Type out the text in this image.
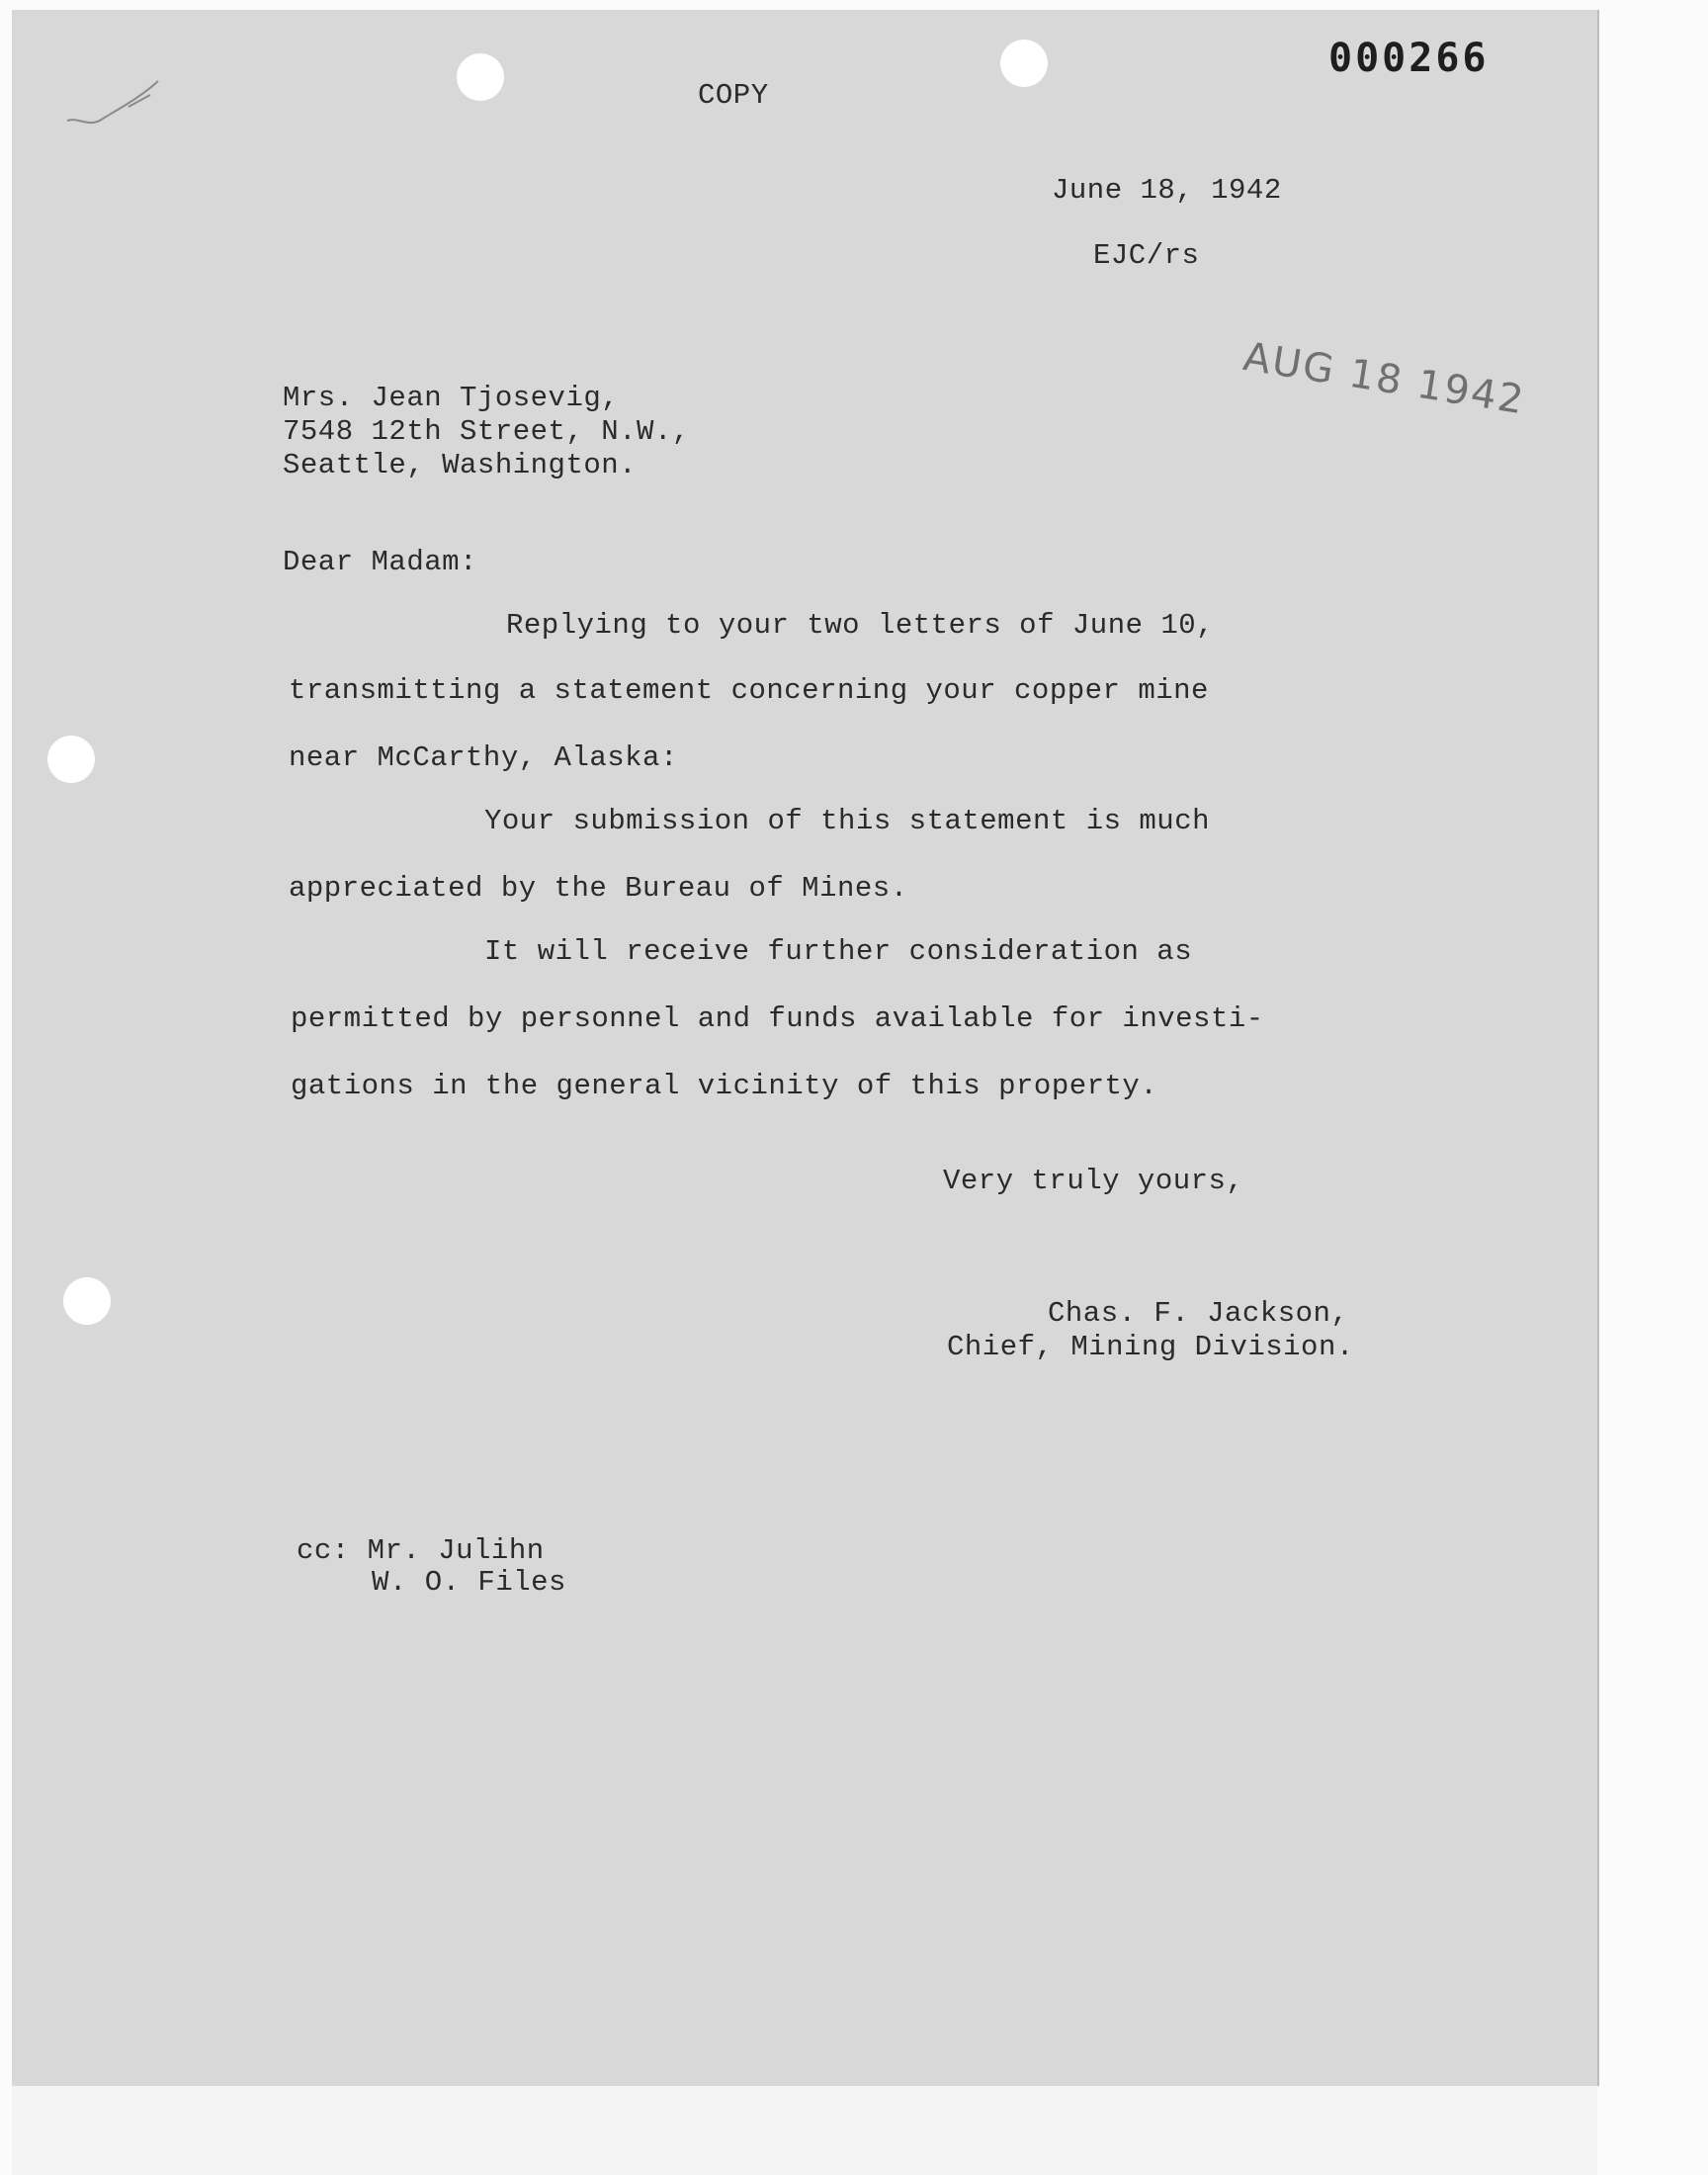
000266
AUG 18 1942
COPY
June 18, 1942
EJC/rs
Mrs. Jean Tjosevig,
7548 12th Street, N.W.,
Seattle, Washington.
Dear Madam:
Replying to your two letters of June 10,
transmitting a statement concerning your copper mine
near McCarthy, Alaska:
Your submission of this statement is much
appreciated by the Bureau of Mines.
It will receive further consideration as
permitted by personnel and funds available for investi-
gations in the general vicinity of this property.
Very truly yours,
Chas. F. Jackson,
Chief, Mining Division.
cc: Mr. Julihn
W. O. Files
